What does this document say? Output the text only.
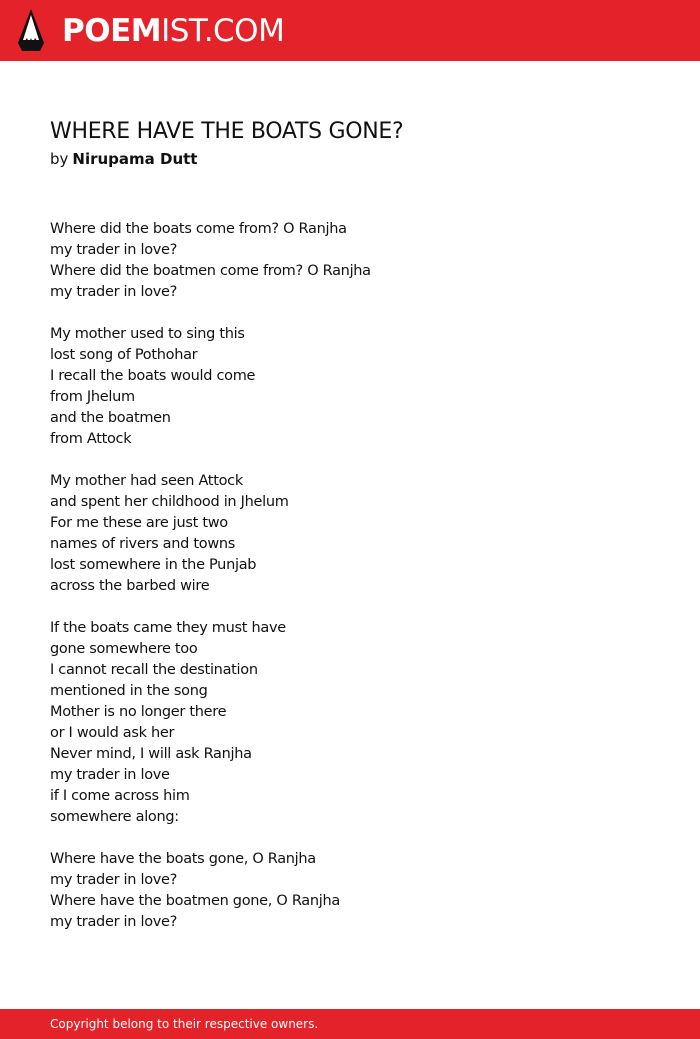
POEMIST.COM
WHERE HAVE THE BOATS GONE?
by Nirupama Dutt
Where did the boats come from? O Ranjha
my trader in love?
Where did the boatmen come from? O Ranjha
my trader in love?
My mother used to sing this
lost song of Pothohar
I recall the boats would come
from Jhelum
and the boatmen
from Attock
My mother had seen Attock
and spent her childhood in Jhelum
For me these are just two
names of rivers and towns
lost somewhere in the Punjab
across the barbed wire
If the boats came they must have
gone somewhere too
I cannot recall the destination
mentioned in the song
Mother is no longer there
or I would ask her
Never mind, I will ask Ranjha
my trader in love
if I come across him
somewhere along:
Where have the boats gone, O Ranjha
my trader in love?
Where have the boatmen gone, O Ranjha
my trader in love?
Copyright belong to their respective owners.
